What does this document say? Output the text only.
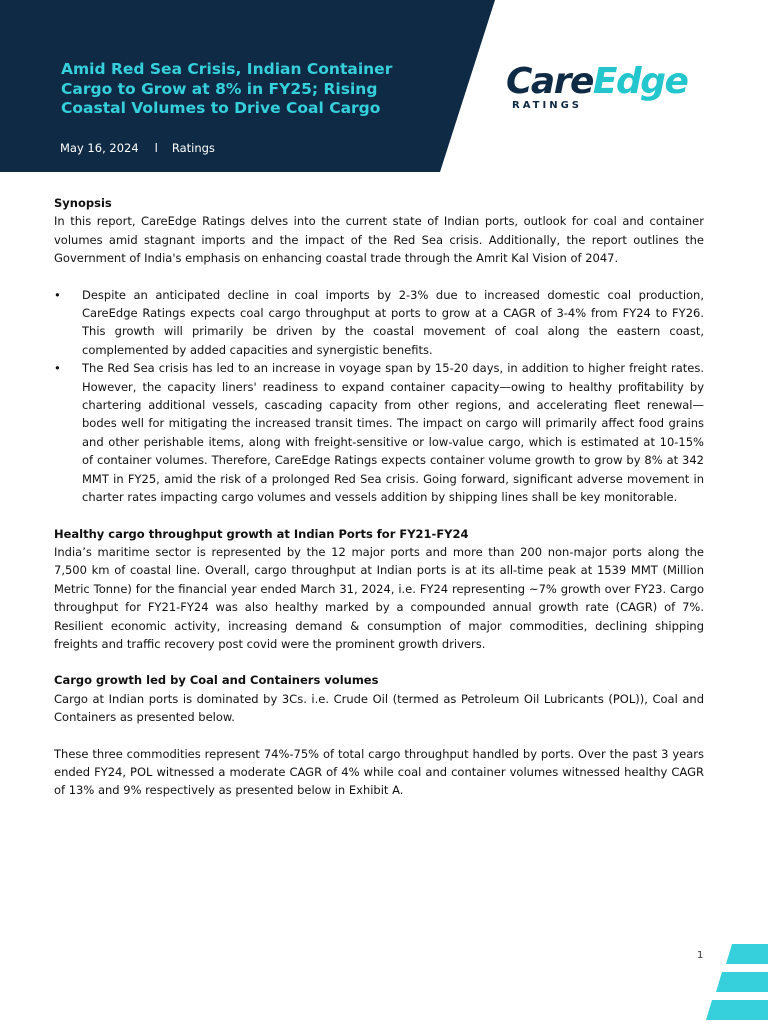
Amid Red Sea Crisis, Indian Container Cargo to Grow at 8% in FY25; Rising Coastal Volumes to Drive Coal Cargo
May 16, 2024 l Ratings
CareEdge
RATINGS
Synopsis

In this report, CareEdge Ratings delves into the current state of Indian ports, outlook for coal and container volumes amid stagnant imports and the impact of the Red Sea crisis. Additionally, the report outlines the Government of India's emphasis on enhancing coastal trade through the Amrit Kal Vision of 2047.

• Despite an anticipated decline in coal imports by 2-3% due to increased domestic coal production, CareEdge Ratings expects coal cargo throughput at ports to grow at a CAGR of 3-4% from FY24 to FY26. This growth will primarily be driven by the coastal movement of coal along the eastern coast, complemented by added capacities and synergistic benefits.
• The Red Sea crisis has led to an increase in voyage span by 15-20 days, in addition to higher freight rates. However, the capacity liners' readiness to expand container capacity—owing to healthy profitability by chartering additional vessels, cascading capacity from other regions, and accelerating fleet renewal—bodes well for mitigating the increased transit times. The impact on cargo will primarily affect food grains and other perishable items, along with freight-sensitive or low-value cargo, which is estimated at 10-15% of container volumes. Therefore, CareEdge Ratings expects container volume growth to grow by 8% at 342 MMT in FY25, amid the risk of a prolonged Red Sea crisis. Going forward, significant adverse movement in charter rates impacting cargo volumes and vessels addition by shipping lines shall be key monitorable.
Healthy cargo throughput growth at Indian Ports for FY21-FY24

India’s maritime sector is represented by the 12 major ports and more than 200 non-major ports along the 7,500 km of coastal line. Overall, cargo throughput at Indian ports is at its all-time peak at 1539 MMT (Million Metric Tonne) for the financial year ended March 31, 2024, i.e. FY24 representing ~7% growth over FY23. Cargo throughput for FY21-FY24 was also healthy marked by a compounded annual growth rate (CAGR) of 7%. Resilient economic activity, increasing demand & consumption of major commodities, declining shipping freights and traffic recovery post covid were the prominent growth drivers.

Cargo growth led by Coal and Containers volumes

Cargo at Indian ports is dominated by 3Cs. i.e. Crude Oil (termed as Petroleum Oil Lubricants (POL)), Coal and Containers as presented below.

These three commodities represent 74%-75% of total cargo throughput handled by ports. Over the past 3 years ended FY24, POL witnessed a moderate CAGR of 4% while coal and container volumes witnessed healthy CAGR of 13% and 9% respectively as presented below in Exhibit A.

1
